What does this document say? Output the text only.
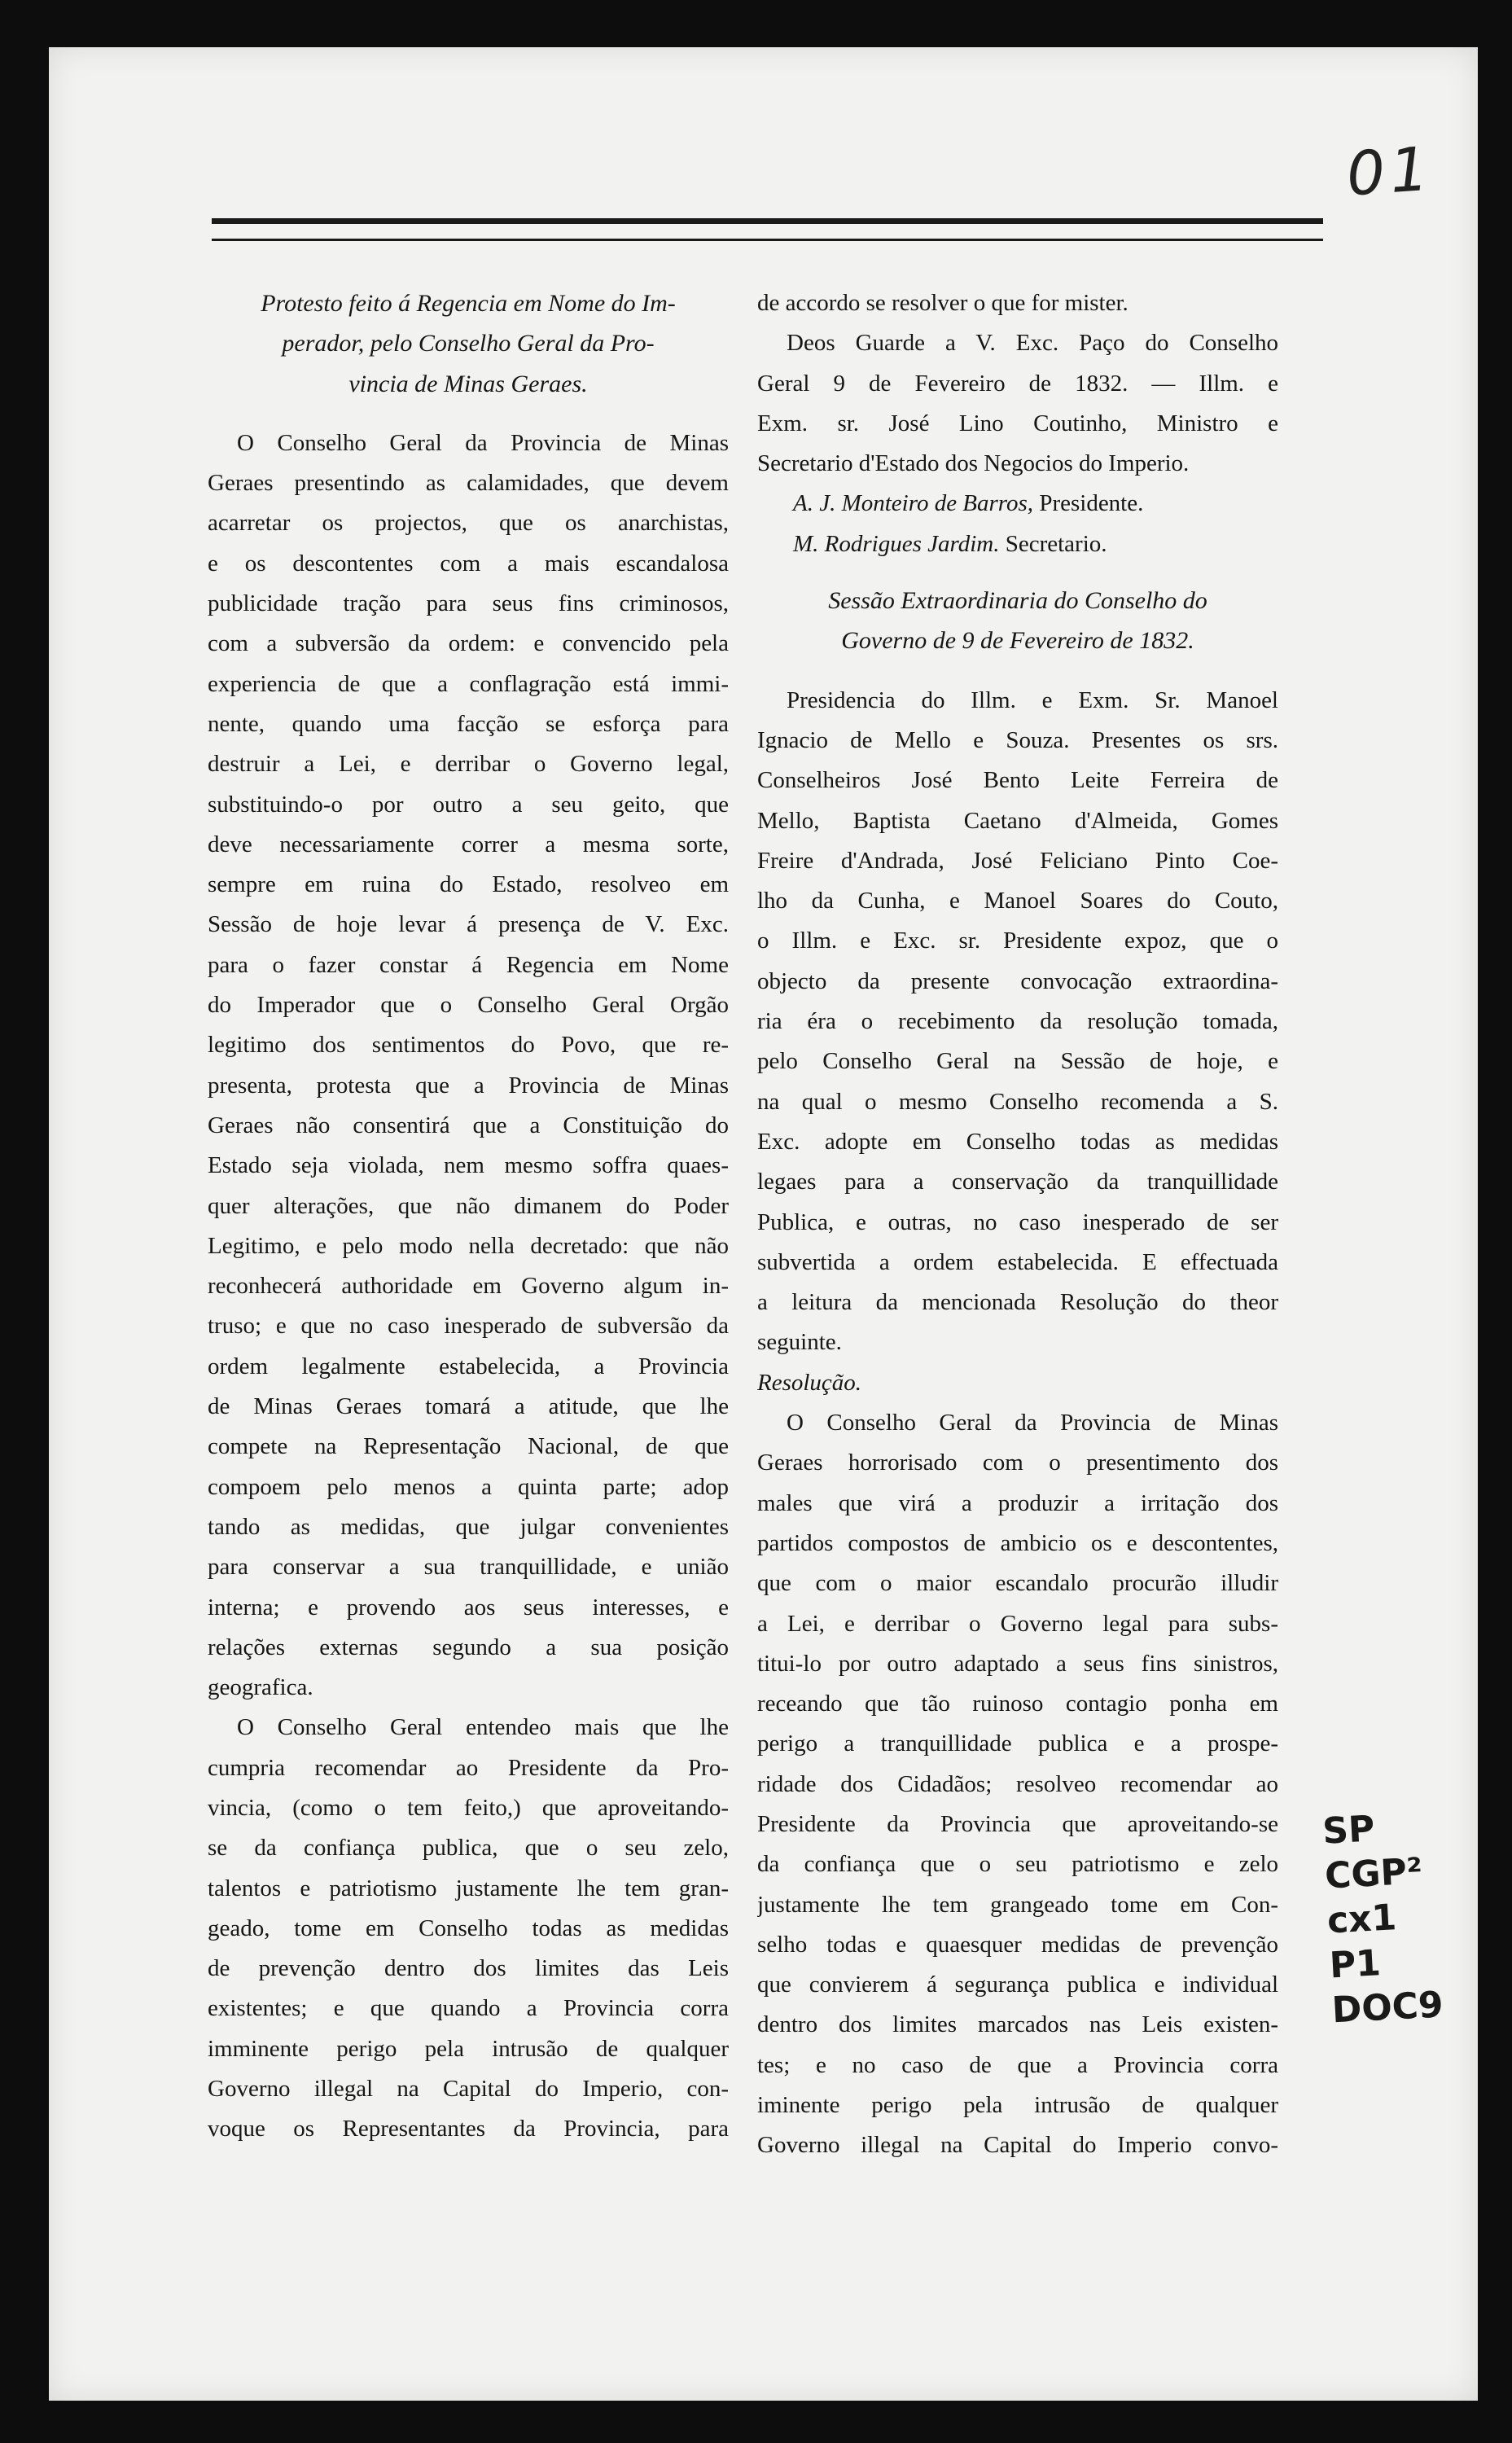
01
Protesto feito á Regencia em Nome do Im-
perador, pelo Conselho Geral da Pro-
vincia de Minas Geraes.
O Conselho Geral da Provincia de Minas
Geraes presentindo as calamidades, que devem
acarretar os projectos, que os anarchistas,
e os descontentes com a mais escandalosa
publicidade tração para seus fins criminosos,
com a subversão da ordem: e convencido pela
experiencia de que a conflagração está immi-
nente, quando uma facção se esforça para
destruir a Lei, e derribar o Governo legal,
substituindo-o por outro a seu geito, que
deve necessariamente correr a mesma sorte,
sempre em ruina do Estado, resolveo em
Sessão de hoje levar á presença de V. Exc.
para o fazer constar á Regencia em Nome
do Imperador que o Conselho Geral Orgão
legitimo dos sentimentos do Povo, que re-
presenta, protesta que a Provincia de Minas
Geraes não consentirá que a Constituição do
Estado seja violada, nem mesmo soffra quaes-
quer alterações, que não dimanem do Poder
Legitimo, e pelo modo nella decretado: que não
reconhecerá authoridade em Governo algum in-
truso; e que no caso inesperado de subversão da
ordem legalmente estabelecida, a Provincia
de Minas Geraes tomará a atitude, que lhe
compete na Representação Nacional, de que
compoem pelo menos a quinta parte; adop
tando as medidas, que julgar convenientes
para conservar a sua tranquillidade, e união
interna; e provendo aos seus interesses, e
relações externas segundo a sua posição
geografica.
O Conselho Geral entendeo mais que lhe
cumpria recomendar ao Presidente da Pro-
vincia, (como o tem feito,) que aproveitando-
se da confiança publica, que o seu zelo,
talentos e patriotismo justamente lhe tem gran-
geado, tome em Conselho todas as medidas
de prevenção dentro dos limites das Leis
existentes; e que quando a Provincia corra
imminente perigo pela intrusão de qualquer
Governo illegal na Capital do Imperio, con-
voque os Representantes da Provincia, para
de accordo se resolver o que for mister.
Deos Guarde a V. Exc. Paço do Conselho
Geral 9 de Fevereiro de 1832. — Illm. e
Exm. sr. José Lino Coutinho, Ministro e
Secretario d'Estado dos Negocios do Imperio.
A. J. Monteiro de Barros, Presidente.
M. Rodrigues Jardim. Secretario.
Sessão Extraordinaria do Conselho do
Governo de 9 de Fevereiro de 1832.
Presidencia do Illm. e Exm. Sr. Manoel
Ignacio de Mello e Souza. Presentes os srs.
Conselheiros José Bento Leite Ferreira de
Mello, Baptista Caetano d'Almeida, Gomes
Freire d'Andrada, José Feliciano Pinto Coe-
lho da Cunha, e Manoel Soares do Couto,
o Illm. e Exc. sr. Presidente expoz, que o
objecto da presente convocação extraordina-
ria éra o recebimento da resolução tomada,
pelo Conselho Geral na Sessão de hoje, e
na qual o mesmo Conselho recomenda a S.
Exc. adopte em Conselho todas as medidas
legaes para a conservação da tranquillidade
Publica, e outras, no caso inesperado de ser
subvertida a ordem estabelecida. E effectuada
a leitura da mencionada Resolução do theor
seguinte.
Resolução.
O Conselho Geral da Provincia de Minas
Geraes horrorisado com o presentimento dos
males que virá a produzir a irritação dos
partidos compostos de ambicio os e descontentes,
que com o maior escandalo procurão illudir
a Lei, e derribar o Governo legal para subs-
titui-lo por outro adaptado a seus fins sinistros,
receando que tão ruinoso contagio ponha em
perigo a tranquillidade publica e a prospe-
ridade dos Cidadãos; resolveo recomendar ao
Presidente da Provincia que aproveitando-se
da confiança que o seu patriotismo e zelo
justamente lhe tem grangeado tome em Con-
selho todas e quaesquer medidas de prevenção
que convierem á segurança publica e individual
dentro dos limites marcados nas Leis existen-
tes; e no caso de que a Provincia corra
iminente perigo pela intrusão de qualquer
Governo illegal na Capital do Imperio convo-
SP
CGP²
cx1
P1
DOC9
